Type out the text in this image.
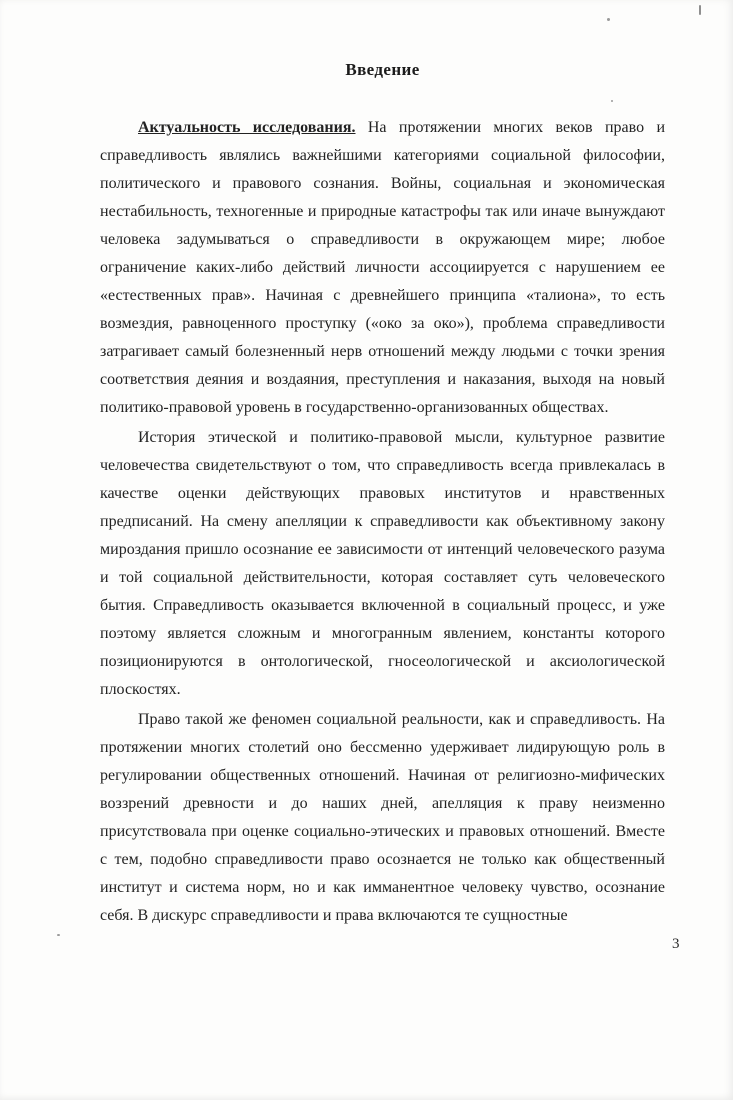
Введение

Актуальность исследования. На протяжении многих веков право и справедливость являлись важнейшими категориями социальной философии, политического и правового сознания. Войны, социальная и экономическая нестабильность, техногенные и природные катастрофы так или иначе вынуждают человека задумываться о справедливости в окружающем мире; любое ограничение каких-либо действий личности ассоциируется с нарушением ее «естественных прав». Начиная с древнейшего принципа «талиона», то есть возмездия, равноценного проступку («око за око»), проблема справедливости затрагивает самый болезненный нерв отношений между людьми с точки зрения соответствия деяния и воздаяния, преступления и наказания, выходя на новый политико-правовой уровень в государственно-организованных обществах.

История этической и политико-правовой мысли, культурное развитие человечества свидетельствуют о том, что справедливость всегда привлекалась в качестве оценки действующих правовых институтов и нравственных предписаний. На смену апелляции к справедливости как объективному закону мироздания пришло осознание ее зависимости от интенций человеческого разума и той социальной действительности, которая составляет суть человеческого бытия. Справедливость оказывается включенной в социальный процесс, и уже поэтому является сложным и многогранным явлением, константы которого позиционируются в онтологической, гносеологической и аксиологической плоскостях.

Право такой же феномен социальной реальности, как и справедливость. На протяжении многих столетий оно бессменно удерживает лидирующую роль в регулировании общественных отношений. Начиная от религиозно-мифических воззрений древности и до наших дней, апелляция к праву неизменно присутствовала при оценке социально-этических и правовых отношений. Вместе с тем, подобно справедливости право осознается не только как общественный институт и система норм, но и как имманентное человеку чувство, осознание себя. В дискурс справедливости и права включаются те сущностные

3
